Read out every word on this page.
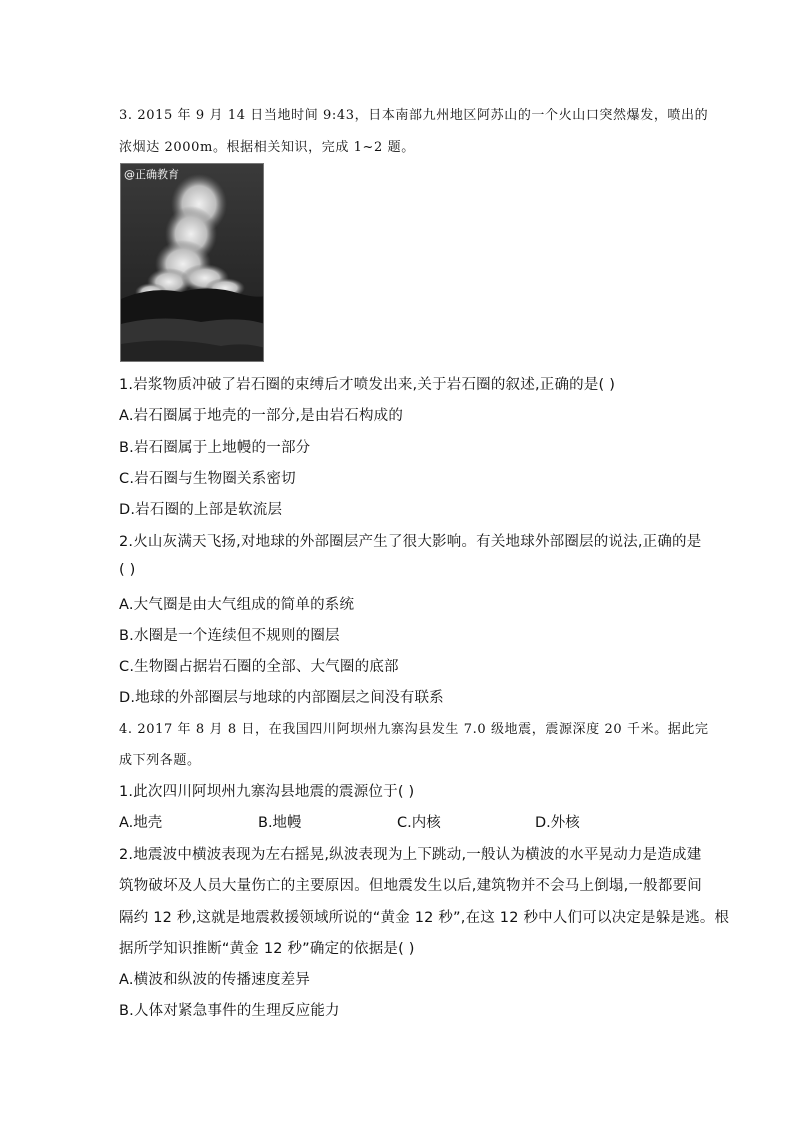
3. 2015 年 9 月 14 日当地时间 9:43，日本南部九州地区阿苏山的一个火山口突然爆发，喷出的
浓烟达 2000m。根据相关知识，完成 1~2 题。
@正确教育
1.岩浆物质冲破了岩石圈的束缚后才喷发出来,关于岩石圈的叙述,正确的是( )
A.岩石圈属于地壳的一部分,是由岩石构成的
B.岩石圈属于上地幔的一部分
C.岩石圈与生物圈关系密切
D.岩石圈的上部是软流层
2.火山灰满天飞扬,对地球的外部圈层产生了很大影响。有关地球外部圈层的说法,正确的是
( )
A.大气圈是由大气组成的简单的系统
B.水圈是一个连续但不规则的圈层
C.生物圈占据岩石圈的全部、大气圈的底部
D.地球的外部圈层与地球的内部圈层之间没有联系
4. 2017 年 8 月 8 日，在我国四川阿坝州九寨沟县发生 7.0 级地震，震源深度 20 千米。据此完
成下列各题。
1.此次四川阿坝州九寨沟县地震的震源位于( )
A.地壳	B.地幔	C.内核	D.外核
2.地震波中横波表现为左右摇晃,纵波表现为上下跳动,一般认为横波的水平晃动力是造成建
筑物破坏及人员大量伤亡的主要原因。但地震发生以后,建筑物并不会马上倒塌,一般都要间
隔约 12 秒,这就是地震救援领域所说的“黄金 12 秒”,在这 12 秒中人们可以决定是躲是逃。根
据所学知识推断“黄金 12 秒”确定的依据是( )
A.横波和纵波的传播速度差异
B.人体对紧急事件的生理反应能力
